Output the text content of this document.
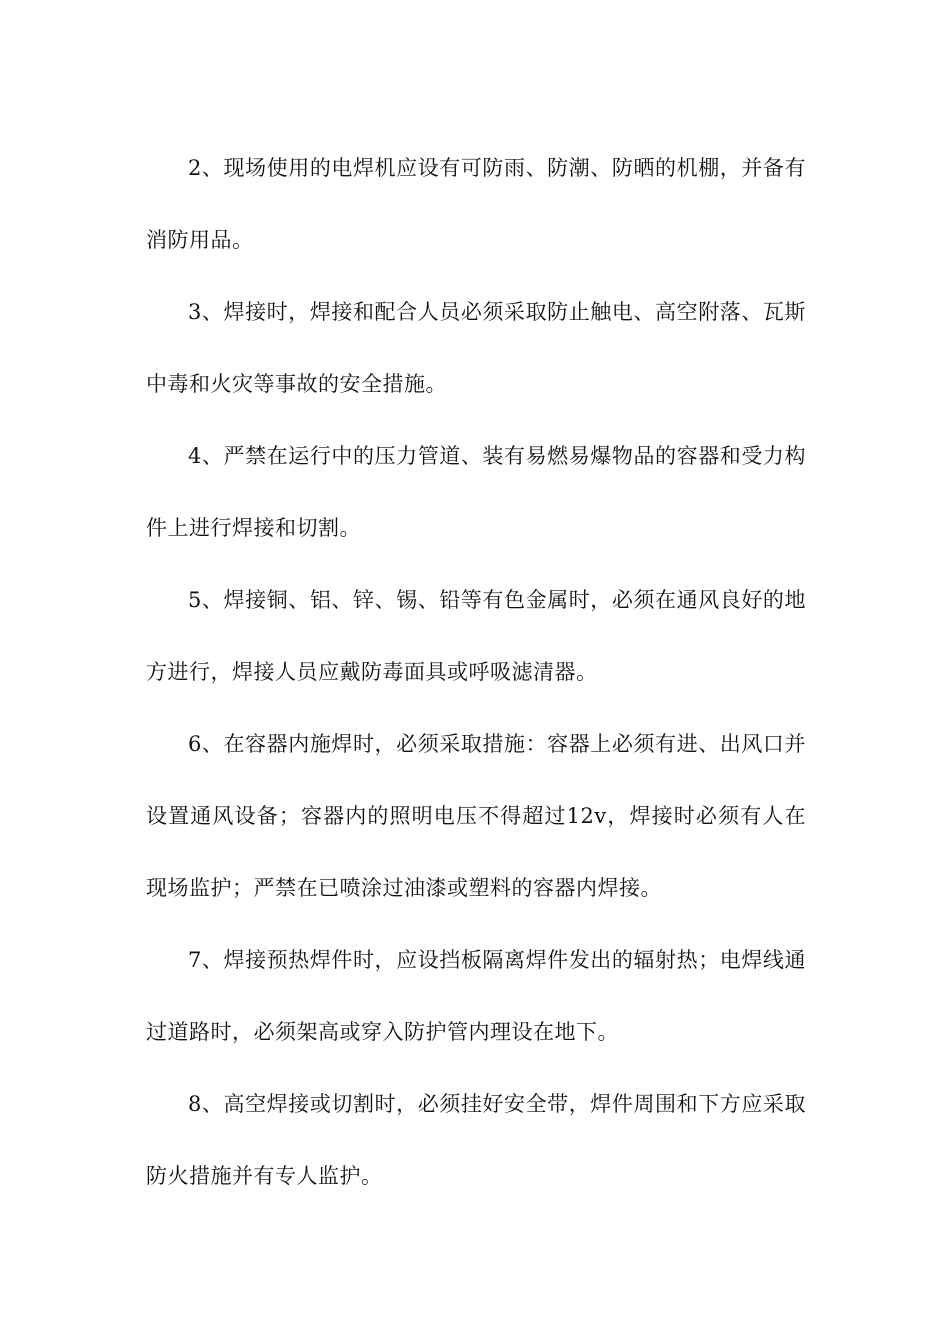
2、现场使用的电焊机应设有可防雨、防潮、防晒的机棚，并备有消防用品。

3、焊接时，焊接和配合人员必须采取防止触电、高空附落、瓦斯中毒和火灾等事故的安全措施。

4、严禁在运行中的压力管道、装有易燃易爆物品的容器和受力构件上进行焊接和切割。

5、焊接铜、铝、锌、锡、铅等有色金属时，必须在通风良好的地方进行，焊接人员应戴防毒面具或呼吸滤清器。

6、在容器内施焊时，必须采取措施：容器上必须有进、出风口并设置通风设备；容器内的照明电压不得超过12v，焊接时必须有人在现场监护；严禁在已喷涂过油漆或塑料的容器内焊接。

7、焊接预热焊件时，应设挡板隔离焊件发出的辐射热；电焊线通过道路时，必须架高或穿入防护管内理设在地下。

8、高空焊接或切割时，必须挂好安全带，焊件周围和下方应采取防火措施并有专人监护。
